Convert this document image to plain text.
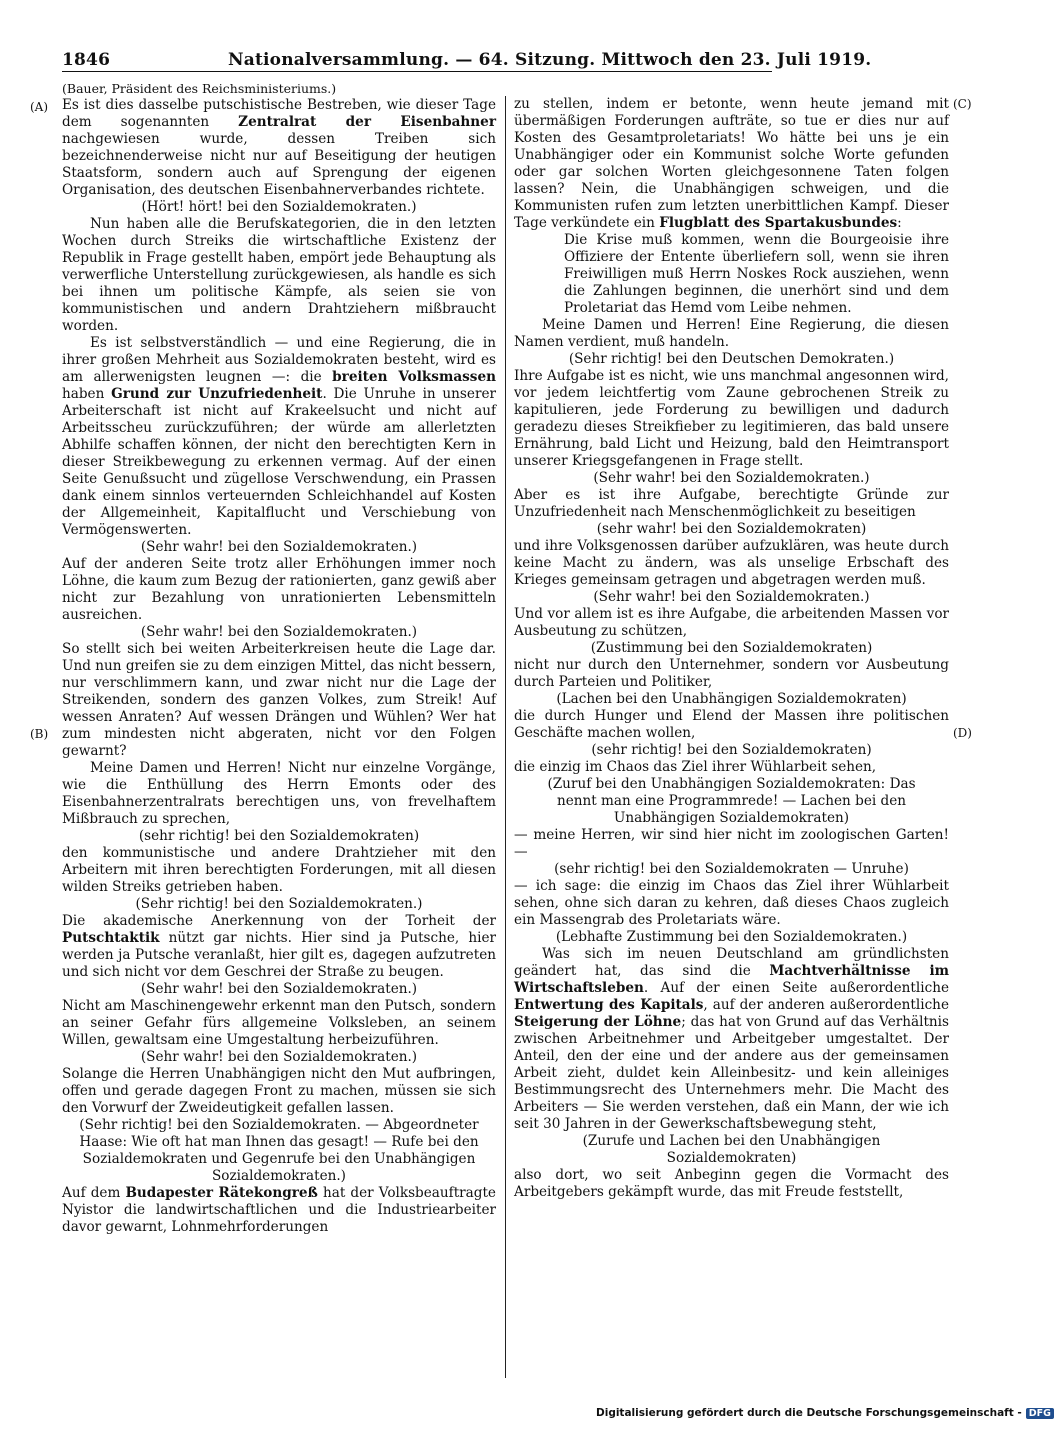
1846	Nationalversammlung. — 64. Sitzung. Mittwoch den 23. Juli 1919.
(A)
(B)
(C)
(D)

(Bauer, Präsident des Reichsministeriums.)

Es ist dies dasselbe putschistische Bestreben, wie dieser Tage dem sogenannten Zentralrat der Eisenbahner nachgewiesen wurde, dessen Treiben sich bezeichnenderweise nicht nur auf Beseitigung der heutigen Staatsform, sondern auch auf Sprengung der eigenen Organisation, des deutschen Eisenbahnerverbandes richtete.

(Hört! hört! bei den Sozialdemokraten.)

Nun haben alle die Berufskategorien, die in den letzten Wochen durch Streiks die wirtschaftliche Existenz der Republik in Frage gestellt haben, empört jede Behauptung als verwerfliche Unterstellung zurückgewiesen, als handle es sich bei ihnen um politische Kämpfe, als seien sie von kommunistischen und andern Drahtziehern mißbraucht worden.

Es ist selbstverständlich — und eine Regierung, die in ihrer großen Mehrheit aus Sozialdemokraten besteht, wird es am allerwenigsten leugnen —: die breiten Volksmassen haben Grund zur Unzufriedenheit. Die Unruhe in unserer Arbeiterschaft ist nicht auf Krakeelsucht und nicht auf Arbeitsscheu zurückzuführen; der würde am allerletzten Abhilfe schaffen können, der nicht den berechtigten Kern in dieser Streikbewegung zu erkennen vermag. Auf der einen Seite Genußsucht und zügellose Verschwendung, ein Prassen dank einem sinnlos verteuernden Schleichhandel auf Kosten der Allgemeinheit, Kapitalflucht und Verschiebung von Vermögenswerten.

(Sehr wahr! bei den Sozialdemokraten.)

Auf der anderen Seite trotz aller Erhöhungen immer noch Löhne, die kaum zum Bezug der rationierten, ganz gewiß aber nicht zur Bezahlung von unrationierten Lebensmitteln ausreichen.

(Sehr wahr! bei den Sozialdemokraten.)

So stellt sich bei weiten Arbeiterkreisen heute die Lage dar. Und nun greifen sie zu dem einzigen Mittel, das nicht bessern, nur verschlimmern kann, und zwar nicht nur die Lage der Streikenden, sondern des ganzen Volkes, zum Streik! Auf wessen Anraten? Auf wessen Drängen und Wühlen? Wer hat zum mindesten nicht abgeraten, nicht vor den Folgen gewarnt?

Meine Damen und Herren! Nicht nur einzelne Vorgänge, wie die Enthüllung des Herrn Emonts oder des Eisenbahnerzentralrats berechtigen uns, von frevelhaftem Mißbrauch zu sprechen,

(sehr richtig! bei den Sozialdemokraten)

den kommunistische und andere Drahtzieher mit den Arbeitern mit ihren berechtigten Forderungen, mit all diesen wilden Streiks getrieben haben.

(Sehr richtig! bei den Sozialdemokraten.)

Die akademische Anerkennung von der Torheit der Putschtaktik nützt gar nichts. Hier sind ja Putsche, hier werden ja Putsche veranlaßt, hier gilt es, dagegen aufzutreten und sich nicht vor dem Geschrei der Straße zu beugen.

(Sehr wahr! bei den Sozialdemokraten.)

Nicht am Maschinengewehr erkennt man den Putsch, sondern an seiner Gefahr fürs allgemeine Volksleben, an seinem Willen, gewaltsam eine Umgestaltung herbeizuführen.

(Sehr wahr! bei den Sozialdemokraten.)

Solange die Herren Unabhängigen nicht den Mut aufbringen, offen und gerade dagegen Front zu machen, müssen sie sich den Vorwurf der Zweideutigkeit gefallen lassen.

(Sehr richtig! bei den Sozialdemokraten. — Abgeordneter Haase: Wie oft hat man Ihnen das gesagt! — Rufe bei den Sozialdemokraten und Gegenrufe bei den Unabhängigen Sozialdemokraten.)

Auf dem Budapester Rätekongreß hat der Volksbeauftragte Nyistor die landwirtschaftlichen und die Industriearbeiter davor gewarnt, Lohnmehrforderungen

zu stellen, indem er betonte, wenn heute jemand mit übermäßigen Forderungen aufträte, so tue er dies nur auf Kosten des Gesamtproletariats! Wo hätte bei uns je ein Unabhängiger oder ein Kommunist solche Worte gefunden oder gar solchen Worten gleichgesonnene Taten folgen lassen? Nein, die Unabhängigen schweigen, und die Kommunisten rufen zum letzten unerbittlichen Kampf. Dieser Tage verkündete ein Flugblatt des Spartakusbundes:

Die Krise muß kommen, wenn die Bourgeoisie ihre Offiziere der Entente überliefern soll, wenn sie ihren Freiwilligen muß Herrn Noskes Rock ausziehen, wenn die Zahlungen beginnen, die unerhört sind und dem Proletariat das Hemd vom Leibe nehmen.

Meine Damen und Herren! Eine Regierung, die diesen Namen verdient, muß handeln.

(Sehr richtig! bei den Deutschen Demokraten.)

Ihre Aufgabe ist es nicht, wie uns manchmal angesonnen wird, vor jedem leichtfertig vom Zaune gebrochenen Streik zu kapitulieren, jede Forderung zu bewilligen und dadurch geradezu dieses Streikfieber zu legitimieren, das bald unsere Ernährung, bald Licht und Heizung, bald den Heimtransport unserer Kriegsgefangenen in Frage stellt.

(Sehr wahr! bei den Sozialdemokraten.)

Aber es ist ihre Aufgabe, berechtigte Gründe zur Unzufriedenheit nach Menschenmöglichkeit zu beseitigen

(sehr wahr! bei den Sozialdemokraten)

und ihre Volksgenossen darüber aufzuklären, was heute durch keine Macht zu ändern, was als unselige Erbschaft des Krieges gemeinsam getragen und abgetragen werden muß.

(Sehr wahr! bei den Sozialdemokraten.)

Und vor allem ist es ihre Aufgabe, die arbeitenden Massen vor Ausbeutung zu schützen,

(Zustimmung bei den Sozialdemokraten)

nicht nur durch den Unternehmer, sondern vor Ausbeutung durch Parteien und Politiker,

(Lachen bei den Unabhängigen Sozialdemokraten)

die durch Hunger und Elend der Massen ihre politischen Geschäfte machen wollen,

(sehr richtig! bei den Sozialdemokraten)

die einzig im Chaos das Ziel ihrer Wühlarbeit sehen,

(Zuruf bei den Unabhängigen Sozialdemokraten: Das nennt man eine Programmrede! — Lachen bei den Unabhängigen Sozialdemokraten)

— meine Herren, wir sind hier nicht im zoologischen Garten! —

(sehr richtig! bei den Sozialdemokraten — Unruhe)

— ich sage: die einzig im Chaos das Ziel ihrer Wühlarbeit sehen, ohne sich daran zu kehren, daß dieses Chaos zugleich ein Massengrab des Proletariats wäre.

(Lebhafte Zustimmung bei den Sozialdemokraten.)

Was sich im neuen Deutschland am gründlichsten geändert hat, das sind die Machtverhältnisse im Wirtschaftsleben. Auf der einen Seite außerordentliche Entwertung des Kapitals, auf der anderen außerordentliche Steigerung der Löhne; das hat von Grund auf das Verhältnis zwischen Arbeitnehmer und Arbeitgeber umgestaltet. Der Anteil, den der eine und der andere aus der gemeinsamen Arbeit zieht, duldet kein Alleinbesitz- und kein alleiniges Bestimmungsrecht des Unternehmers mehr. Die Macht des Arbeiters — Sie werden verstehen, daß ein Mann, der wie ich seit 30 Jahren in der Gewerkschaftsbewegung steht,

(Zurufe und Lachen bei den Unabhängigen Sozialdemokraten)

also dort, wo seit Anbeginn gegen die Vormacht des Arbeitgebers gekämpft wurde, das mit Freude feststellt,

Digitalisierung gefördert durch die Deutsche Forschungsgemeinschaft - DFG
